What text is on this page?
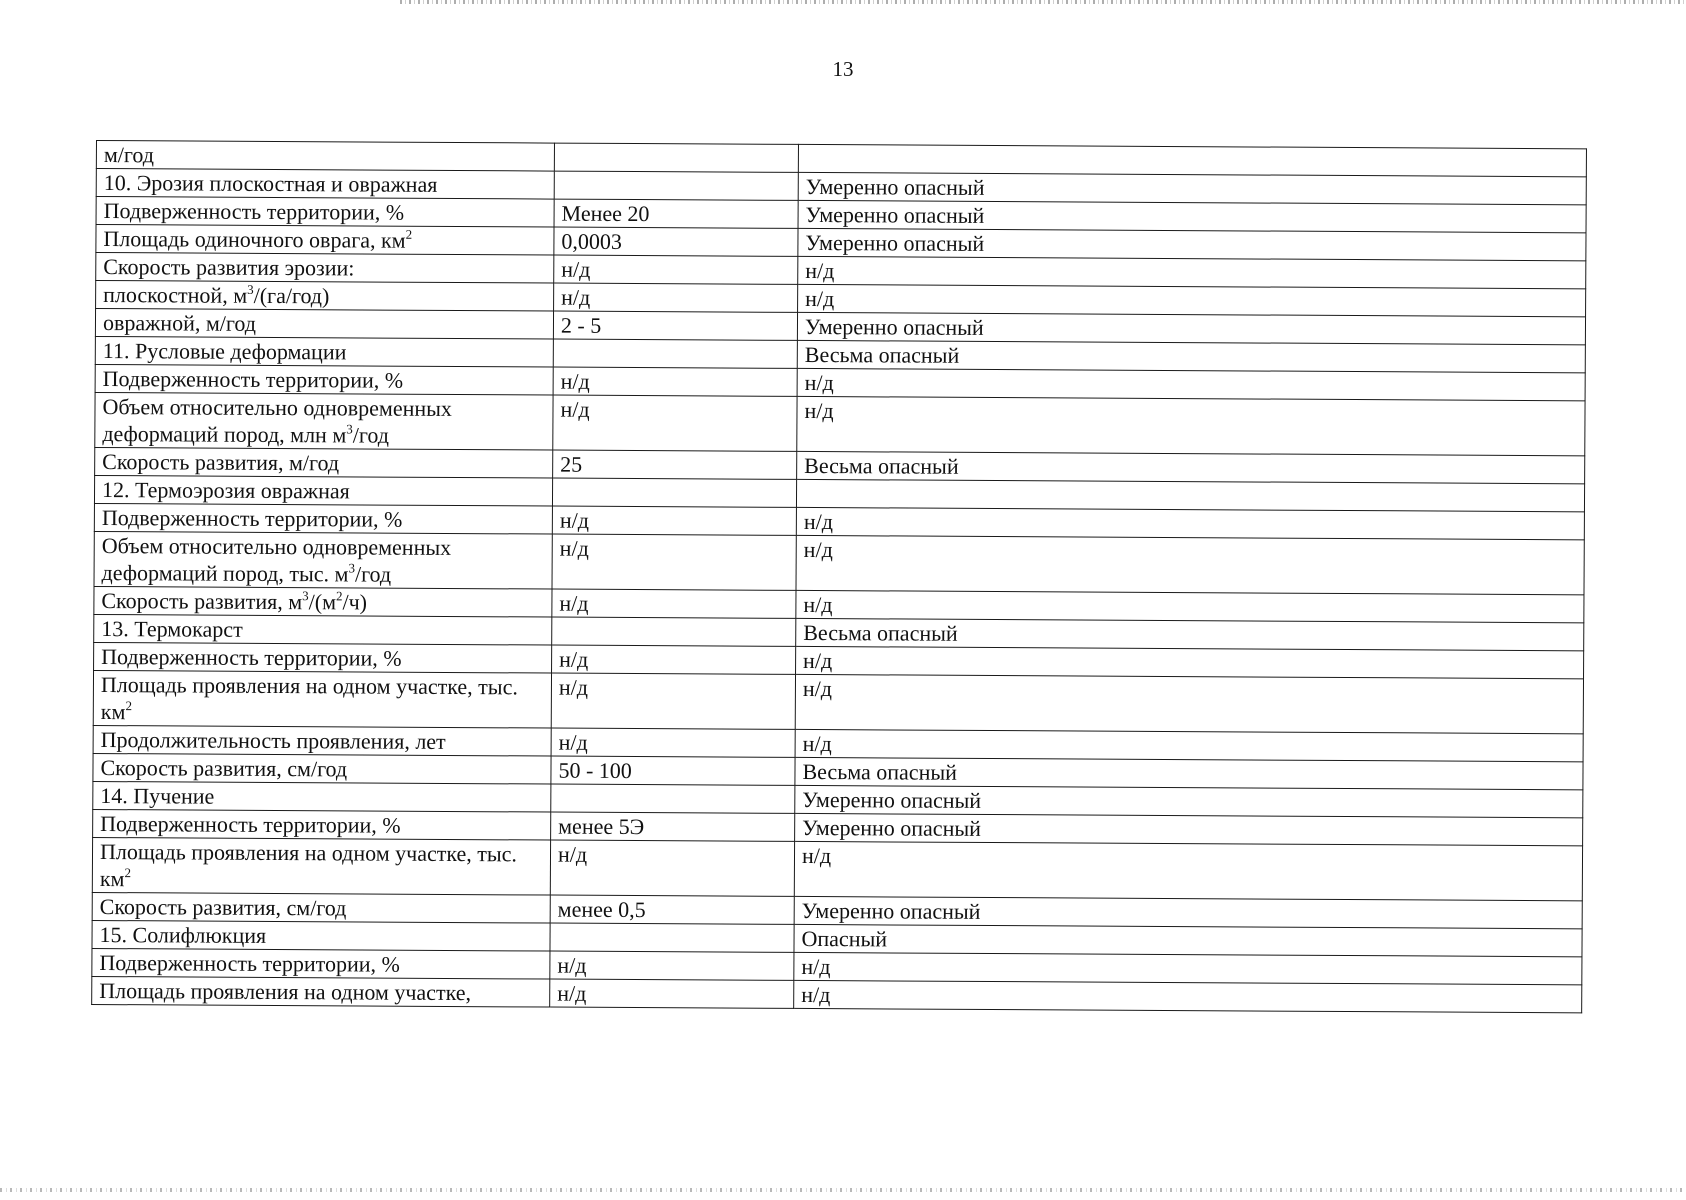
13
м/год		
10. Эрозия плоскостная и овражная		Умеренно опасный
Подверженность территории, %	Менее 20	Умеренно опасный
Площадь одиночного оврага, $км^2$	0,0003	Умеренно опасный
Скорость развития эрозии:	н/д	н/д
плоскостной, $м^3/(га/год)$	н/д	н/д
овражной, м/год	2 - 5	Умеренно опасный
11. Русловые деформации		Весьма опасный
Подверженность территории, %	н/д	н/д
Объем относительно одновременных деформаций пород, млн $м^3$/год	н/д	н/д
Скорость развития, м/год	25	Весьма опасный
12. Термоэрозия овражная		
Подверженность территории, %	н/д	н/д
Объем относительно одновременных деформаций пород, тыс. $м^3$/год	н/д	н/д
Скорость развития, $м^3/(м^2/ч)$	н/д	н/д
13. Термокарст		Весьма опасный
Подверженность территории, %	н/д	н/д
Площадь проявления на одном участке, тыс. $км^2$	н/д	н/д
Продолжительность проявления, лет	н/д	н/д
Скорость развития, см/год	50 - 100	Весьма опасный
14. Пучение		Умеренно опасный
Подверженность территории, %	менее 5Э	Умеренно опасный
Площадь проявления на одном участке, тыс. $км^2$	н/д	н/д
Скорость развития, см/год	менее 0,5	Умеренно опасный
15. Солифлюкция		Опасный
Подверженность территории, %	н/д	н/д
Площадь проявления на одном участке,	н/д	н/д
